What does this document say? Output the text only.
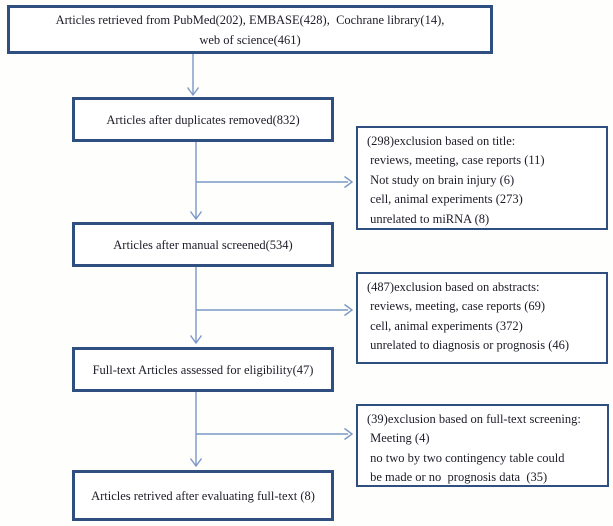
Articles retrieved from PubMed(202), EMBASE(428),  Cochrane library(14),
web of science(461)
Articles after duplicates removed(832)
Articles after manual screened(534)
Full-text Articles assessed for eligibility(47)
Articles retrived after evaluating full-text (8)
(298)exclusion based on title:
reviews, meeting, case reports (11)
Not study on brain injury (6)
cell, animal experiments (273)
unrelated to miRNA (8)
(487)exclusion based on abstracts:
reviews, meeting, case reports (69)
cell, animal experiments (372)
unrelated to diagnosis or prognosis (46)
(39)exclusion based on full-text screening:
Meeting (4)
no two by two contingency table could
be made or no  prognosis data  (35)
